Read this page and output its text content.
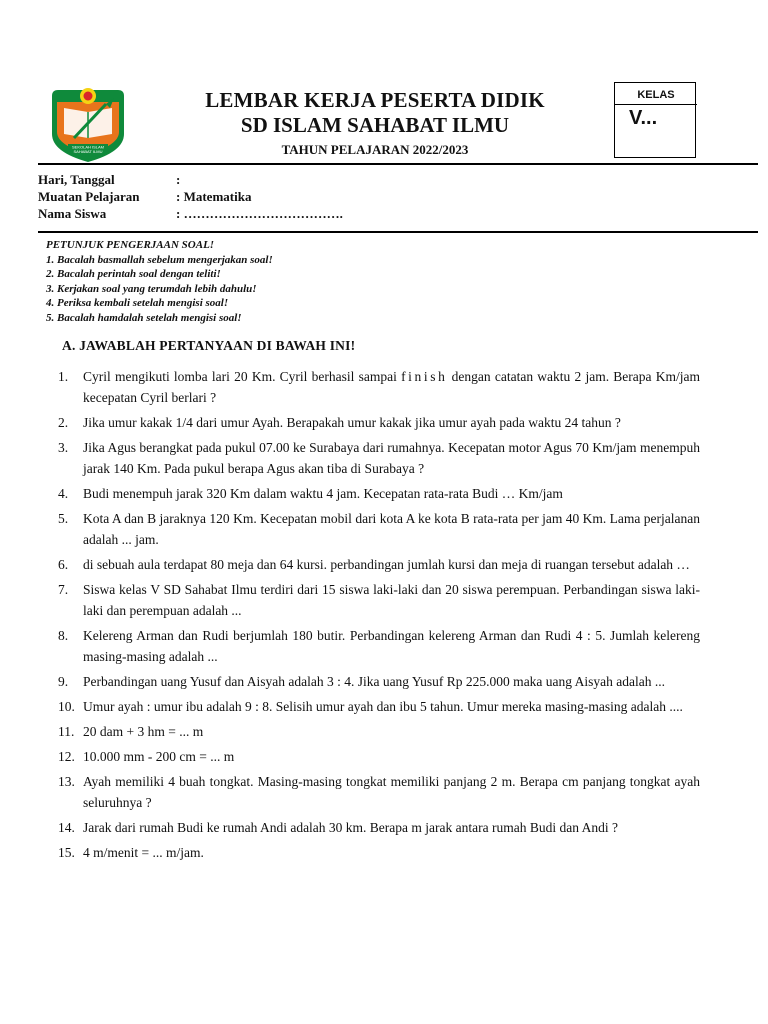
SEKOLAH ISLAM
SAHABAT ILMU
LEMBAR KERJA PESERTA DIDIK
SD ISLAM SAHABAT ILMU
TAHUN PELAJARAN 2022/2023
KELAS
V...
Hari, Tanggal	:
Muatan Pelajaran	: Matematika
Nama Siswa	: ……………………………….
PETUNJUK PENGERJAAN SOAL!
1. Bacalah basmallah sebelum mengerjakan soal!
2. Bacalah perintah soal dengan teliti!
3. Kerjakan soal yang terumdah lebih dahulu!
4. Periksa kembali setelah mengisi soal!
5. Bacalah hamdalah setelah mengisi soal!
A. JAWABLAH PERTANYAAN DI BAWAH INI!
1.	Cyril mengikuti lomba lari 20 Km. Cyril berhasil sampai finish dengan catatan waktu 2 jam. Berapa Km/jam kecepatan Cyril berlari ?
2.	Jika umur kakak 1/4 dari umur Ayah. Berapakah umur kakak jika umur ayah pada waktu 24 tahun ?
3.	Jika Agus berangkat pada pukul 07.00 ke Surabaya dari rumahnya. Kecepatan motor Agus 70 Km/jam menempuh jarak 140 Km. Pada pukul berapa Agus akan tiba di Surabaya ?
4.	Budi menempuh jarak 320 Km dalam waktu 4 jam. Kecepatan rata-rata Budi … Km/jam
5.	Kota A dan B jaraknya 120 Km. Kecepatan mobil dari kota A ke kota B rata-rata per jam 40 Km. Lama perjalanan adalah ... jam.
6.	di sebuah aula terdapat 80 meja dan 64 kursi. perbandingan jumlah kursi dan meja di ruangan tersebut adalah …
7.	Siswa kelas V SD Sahabat Ilmu terdiri dari 15 siswa laki-laki dan 20 siswa perempuan. Perbandingan siswa laki-laki dan perempuan adalah ...
8.	Kelereng Arman dan Rudi berjumlah 180 butir. Perbandingan kelereng Arman dan Rudi 4 : 5. Jumlah kelereng masing-masing adalah ...
9.	Perbandingan uang Yusuf dan Aisyah adalah 3 : 4. Jika uang Yusuf Rp 225.000 maka uang Aisyah adalah ...
10. Umur ayah : umur ibu adalah 9 : 8. Selisih umur ayah dan ibu 5 tahun. Umur mereka masing-masing adalah ....
11. 20 dam + 3 hm = ... m
12. 10.000 mm - 200 cm = ... m
13. Ayah memiliki 4 buah tongkat. Masing-masing tongkat memiliki panjang 2 m. Berapa cm panjang tongkat ayah seluruhnya ?
14. Jarak dari rumah Budi ke rumah Andi adalah 30 km. Berapa m jarak antara rumah Budi dan Andi ?
15. 4 m/menit = ... m/jam.
